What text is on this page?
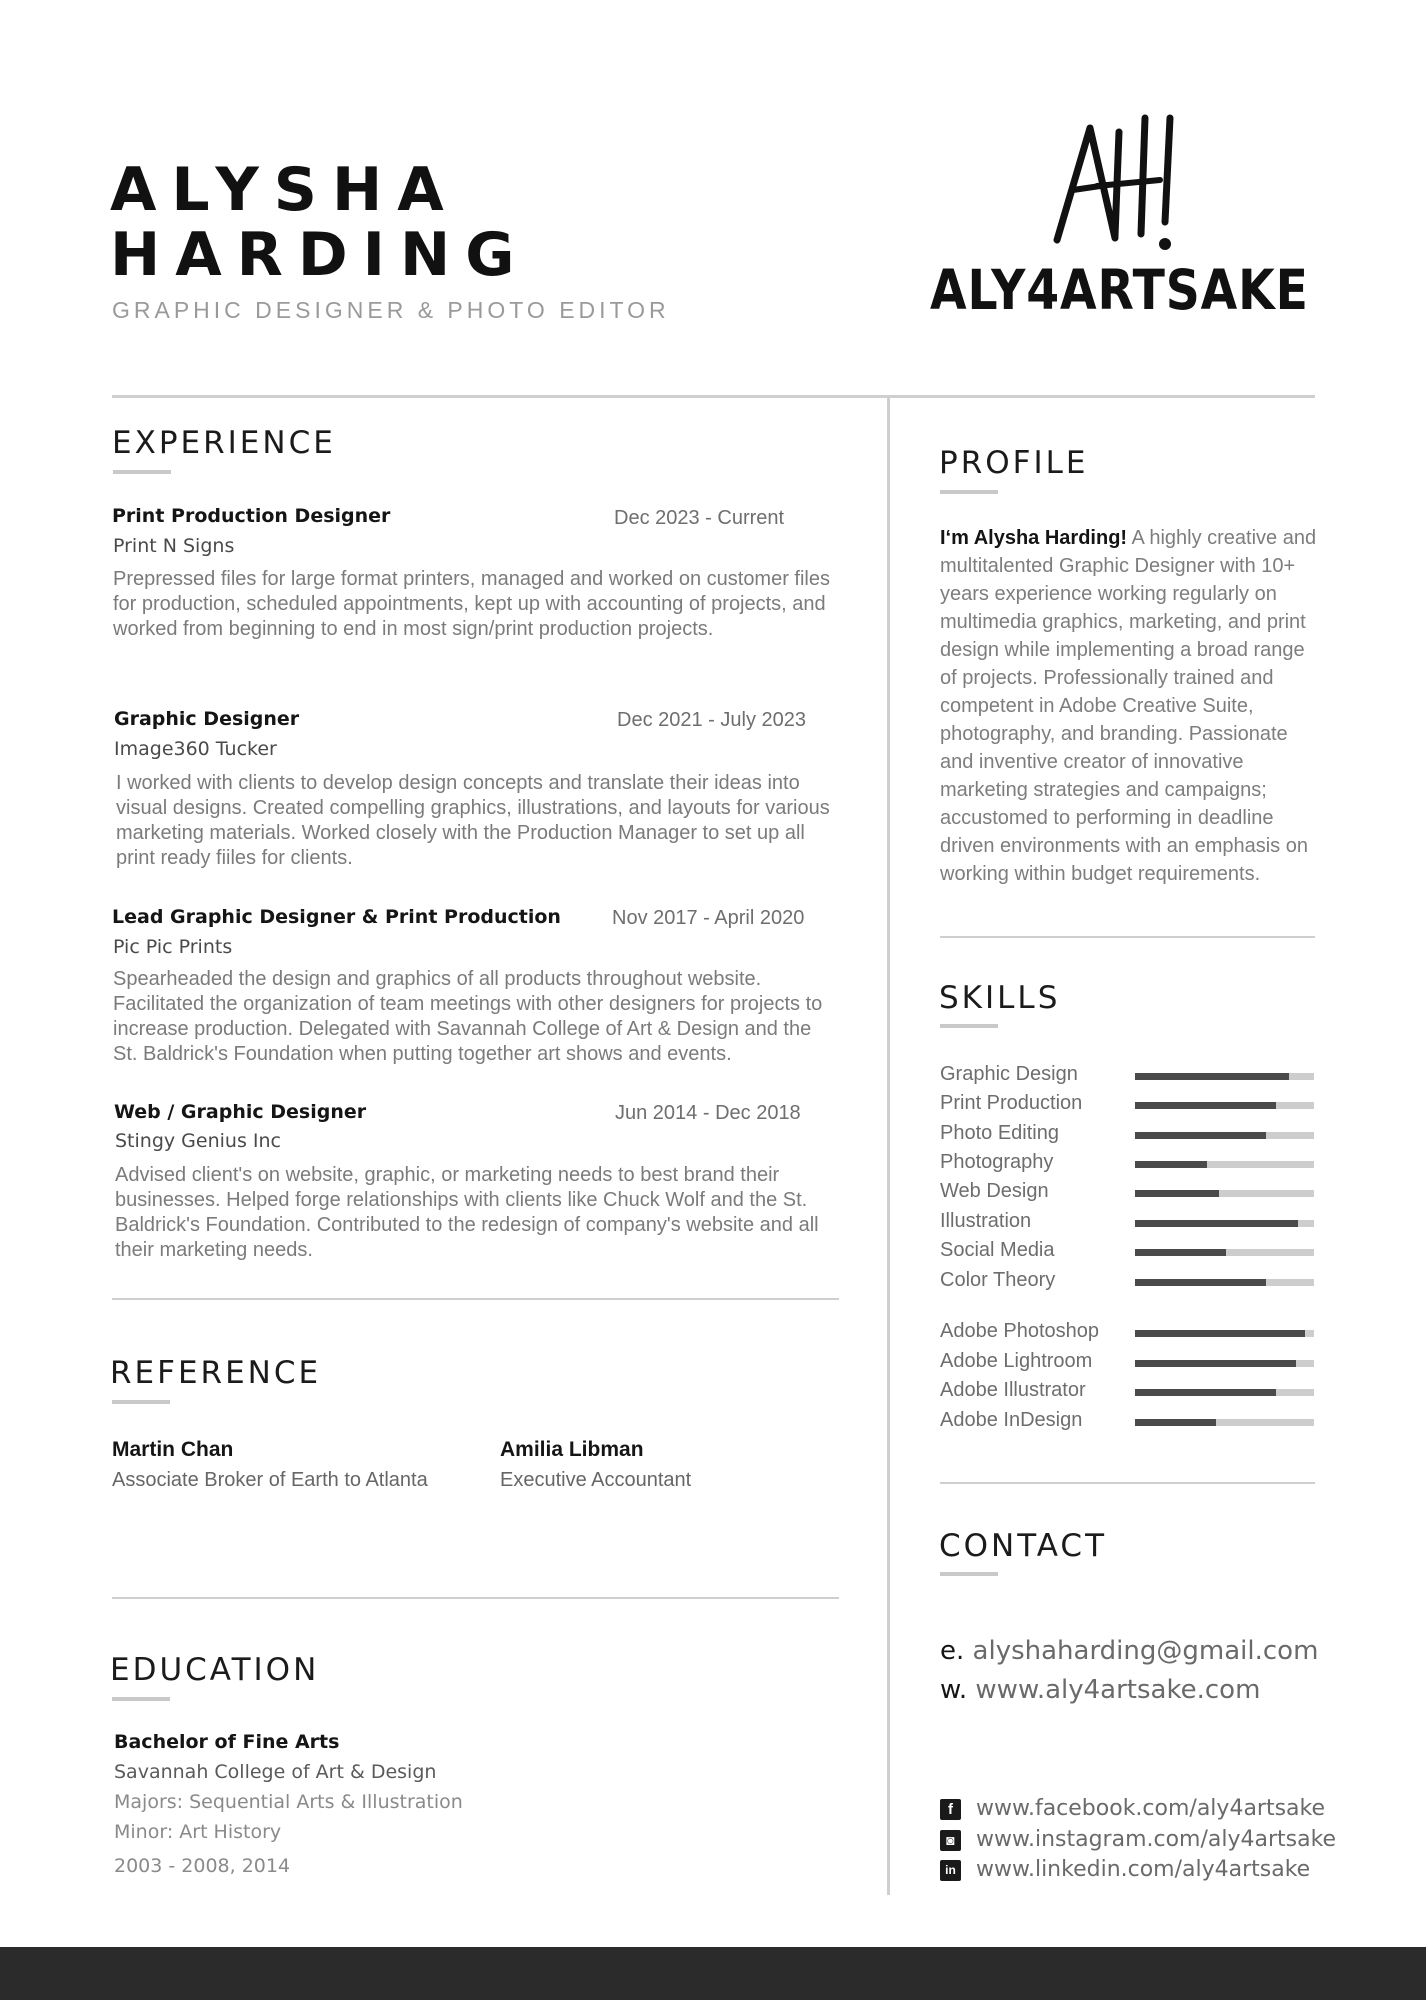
ALYSHA
HARDING
GRAPHIC DESIGNER & PHOTO EDITOR	ALY4ARTSAKE
EXPERIENCE
Print Production Designer	Dec 2023 - Current
Print N Signs
Prepressed files for large format printers, managed and worked on customer files for production, scheduled appointments, kept up with accounting of projects, and worked from beginning to end in most sign/print production projects.
Graphic Designer	Dec 2021 - July 2023
Image360 Tucker
I worked with clients to develop design concepts and translate their ideas into visual designs. Created compelling graphics, illustrations, and layouts for various marketing materials. Worked closely with the Production Manager to set up all print ready fiiles for clients.
Lead Graphic Designer & Print Production	Nov 2017 - April 2020
Pic Pic Prints
Spearheaded the design and graphics of all products throughout website. Facilitated the organization of team meetings with other designers for projects to increase production. Delegated with Savannah College of Art & Design and the St. Baldrick's Foundation when putting together art shows and events.
Web / Graphic Designer	Jun 2014 - Dec 2018
Stingy Genius Inc
Advised client's on website, graphic, or marketing needs to best brand their businesses. Helped forge relationships with clients like Chuck Wolf and the St. Baldrick's Foundation. Contributed to the redesign of company's website and all their marketing needs.
REFERENCE
Martin Chan
Associate Broker of Earth to Atlanta
Amilia Libman
Executive Accountant
EDUCATION
Bachelor of Fine Arts
Savannah College of Art & Design
Majors: Sequential Arts & Illustration
Minor: Art History
2003 - 2008, 2014
PROFILE
I‘m Alysha Harding! A highly creative and multitalented Graphic Designer with 10+ years experience working regularly on multimedia graphics, marketing, and print design while implementing a broad range of projects. Professionally trained and competent in Adobe Creative Suite, photography, and branding. Passionate and inventive creator of innovative marketing strategies and campaigns; accustomed to performing in deadline driven environments with an emphasis on working within budget requirements.
SKILLS
Graphic Design
Print Production
Photo Editing
Photography
Web Design
Illustration
Social Media
Color Theory
Adobe Photoshop
Adobe Lightroom
Adobe Illustrator
Adobe InDesign
CONTACT
e. alyshaharding@gmail.com
w. www.aly4artsake.com
f	www.facebook.com/aly4artsake
◙ www.instagram.com/aly4artsake
in www.linkedin.com/aly4artsake
